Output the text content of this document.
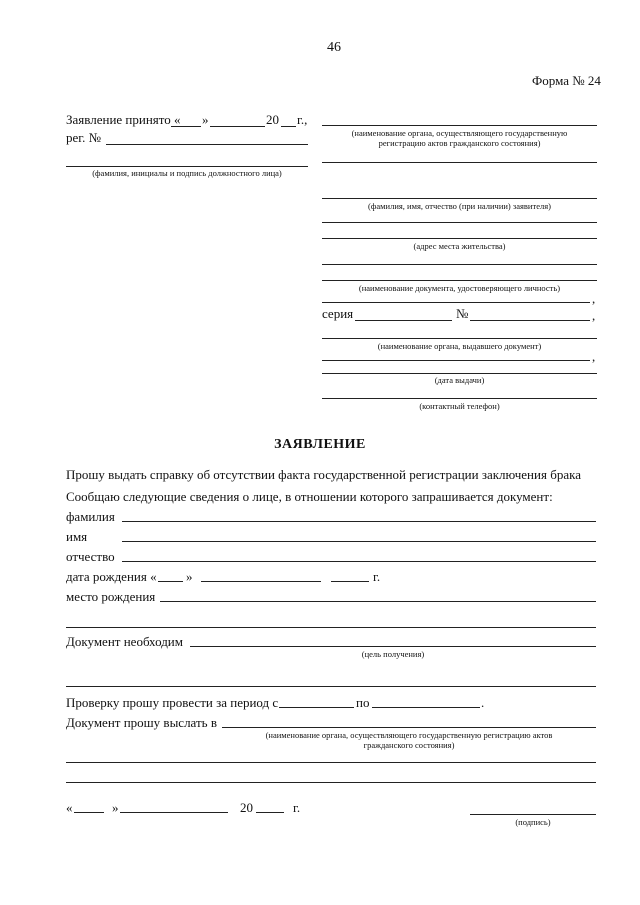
46
Форма № 24
Заявление принято « »	20 г.,
рег. №
(фамилия, инициалы и подпись должностного лица)
(наименование органа, осуществляющего государственную
регистрацию актов гражданского состояния)
(фамилия, имя, отчество (при наличии) заявителя)
(адрес места жительства)
(наименование документа, удостоверяющего личность)
,
серия	№	,
(наименование органа, выдавшего документ)
,
(дата выдачи)
(контактный телефон)
ЗАЯВЛЕНИЕ
Прошу выдать справку об отсутствии факта государственной регистрации заключения брака
Сообщаю следующие сведения о лице, в отношении которого запрашивается документ:
фамилия
имя
отчество
дата рождения « »	г.
место рождения
Документ необходим
(цель получения)
Проверку прошу провести за период с	по	.
Документ прошу выслать в
(наименование органа, осуществляющего государственную регистрацию актов
гражданского состояния)
«	»	20	г.
(подпись)
